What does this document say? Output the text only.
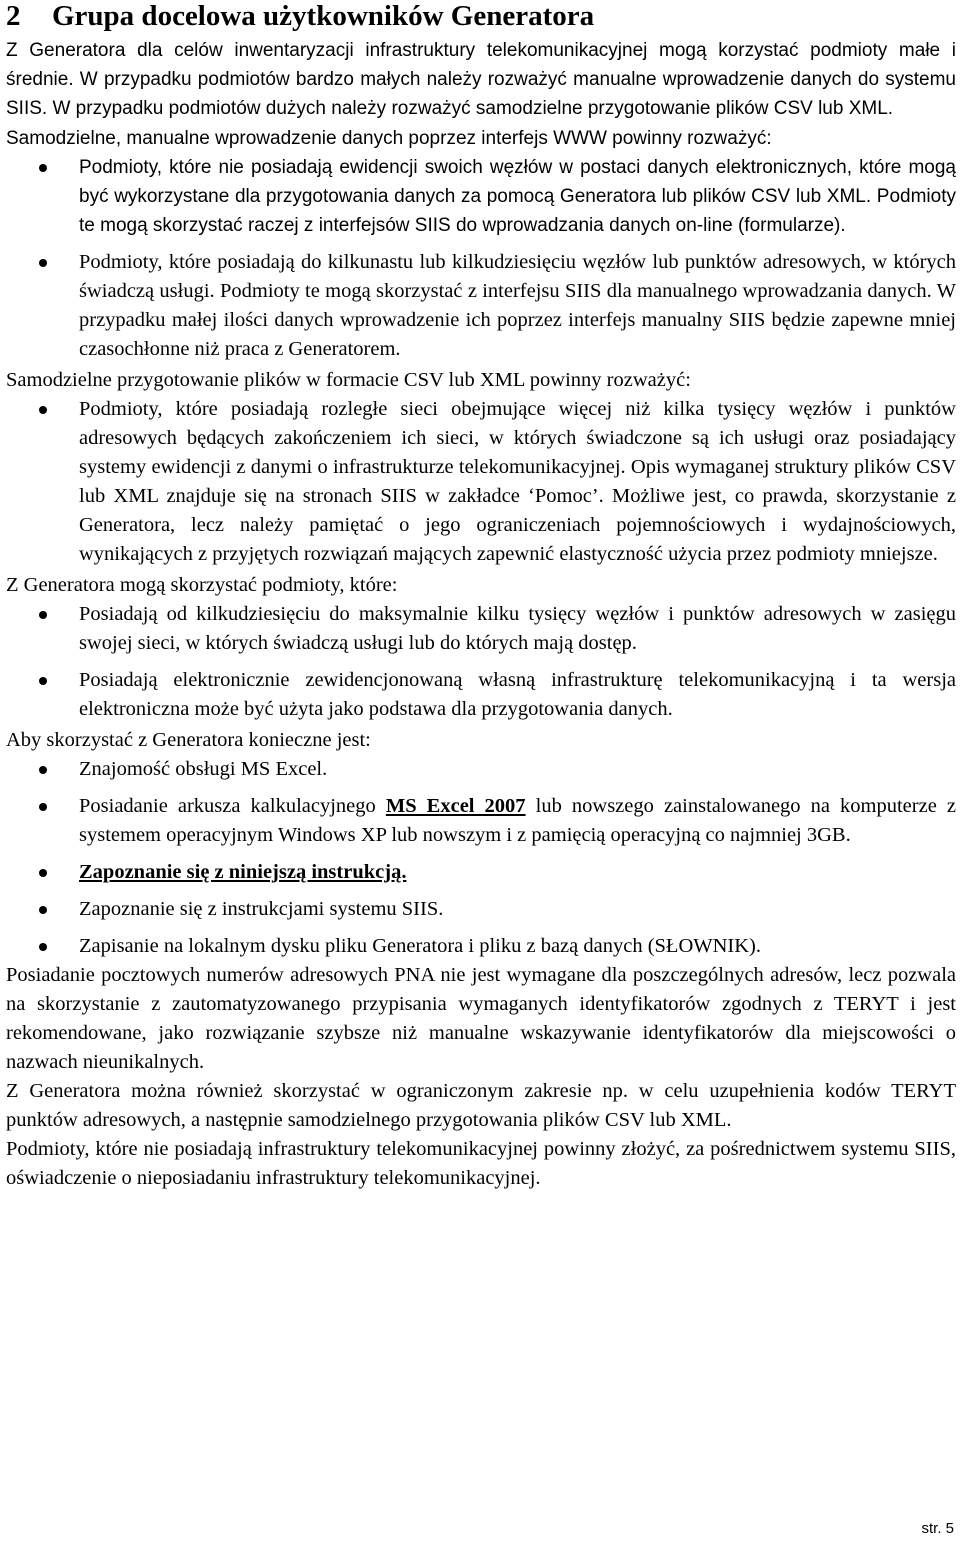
2 Grupa docelowa użytkowników Generatora

Z Generatora dla celów inwentaryzacji infrastruktury telekomunikacyjnej mogą korzystać podmioty małe i średnie. W przypadku podmiotów bardzo małych należy rozważyć manualne wprowadzenie danych do systemu SIIS. W przypadku podmiotów dużych należy rozważyć samodzielne przygotowanie plików CSV lub XML.

Samodzielne, manualne wprowadzenie danych poprzez interfejs WWW powinny rozważyć:

Podmioty, które nie posiadają ewidencji swoich węzłów w postaci danych elektronicznych, które mogą być wykorzystane dla przygotowania danych za pomocą Generatora lub plików CSV lub XML. Podmioty te mogą skorzystać raczej z interfejsów SIIS do wprowadzania danych on-line (formularze).
Podmioty, które posiadają do kilkunastu lub kilkudziesięciu węzłów lub punktów adresowych, w których świadczą usługi. Podmioty te mogą skorzystać z interfejsu SIIS dla manualnego wprowadzania danych. W przypadku małej ilości danych wprowadzenie ich poprzez interfejs manualny SIIS będzie zapewne mniej czasochłonne niż praca z Generatorem.

Samodzielne przygotowanie plików w formacie CSV lub XML powinny rozważyć:

Podmioty, które posiadają rozległe sieci obejmujące więcej niż kilka tysięcy węzłów i punktów adresowych będących zakończeniem ich sieci, w których świadczone są ich usługi oraz posiadający systemy ewidencji z danymi o infrastrukturze telekomunikacyjnej. Opis wymaganej struktury plików CSV lub XML znajduje się na stronach SIIS w zakładce ‘Pomoc’. Możliwe jest, co prawda, skorzystanie z Generatora, lecz należy pamiętać o jego ograniczeniach pojemnościowych i wydajnościowych, wynikających z przyjętych rozwiązań mających zapewnić elastyczność użycia przez podmioty mniejsze.

Z Generatora mogą skorzystać podmioty, które:

Posiadają od kilkudziesięciu do maksymalnie kilku tysięcy węzłów i punktów adresowych w zasięgu swojej sieci, w których świadczą usługi lub do których mają dostęp.
Posiadają elektronicznie zewidencjonowaną własną infrastrukturę telekomunikacyjną i ta wersja elektroniczna może być użyta jako podstawa dla przygotowania danych.

Aby skorzystać z Generatora konieczne jest:

Znajomość obsługi MS Excel.
Posiadanie arkusza kalkulacyjnego MS Excel 2007 lub nowszego zainstalowanego na komputerze z systemem operacyjnym Windows XP lub nowszym i z pamięcią operacyjną co najmniej 3GB.
Zapoznanie się z niniejszą instrukcją.
Zapoznanie się z instrukcjami systemu SIIS.
Zapisanie na lokalnym dysku pliku Generatora i pliku z bazą danych (SŁOWNIK).

Posiadanie pocztowych numerów adresowych PNA nie jest wymagane dla poszczególnych adresów, lecz pozwala na skorzystanie z zautomatyzowanego przypisania wymaganych identyfikatorów zgodnych z TERYT i jest rekomendowane, jako rozwiązanie szybsze niż manualne wskazywanie identyfikatorów dla miejscowości o nazwach nieunikalnych.

Z Generatora można również skorzystać w ograniczonym zakresie np. w celu uzupełnienia kodów TERYT punktów adresowych, a następnie samodzielnego przygotowania plików CSV lub XML.

Podmioty, które nie posiadają infrastruktury telekomunikacyjnej powinny złożyć, za pośrednictwem systemu SIIS, oświadczenie o nieposiadaniu infrastruktury telekomunikacyjnej.

str. 5
